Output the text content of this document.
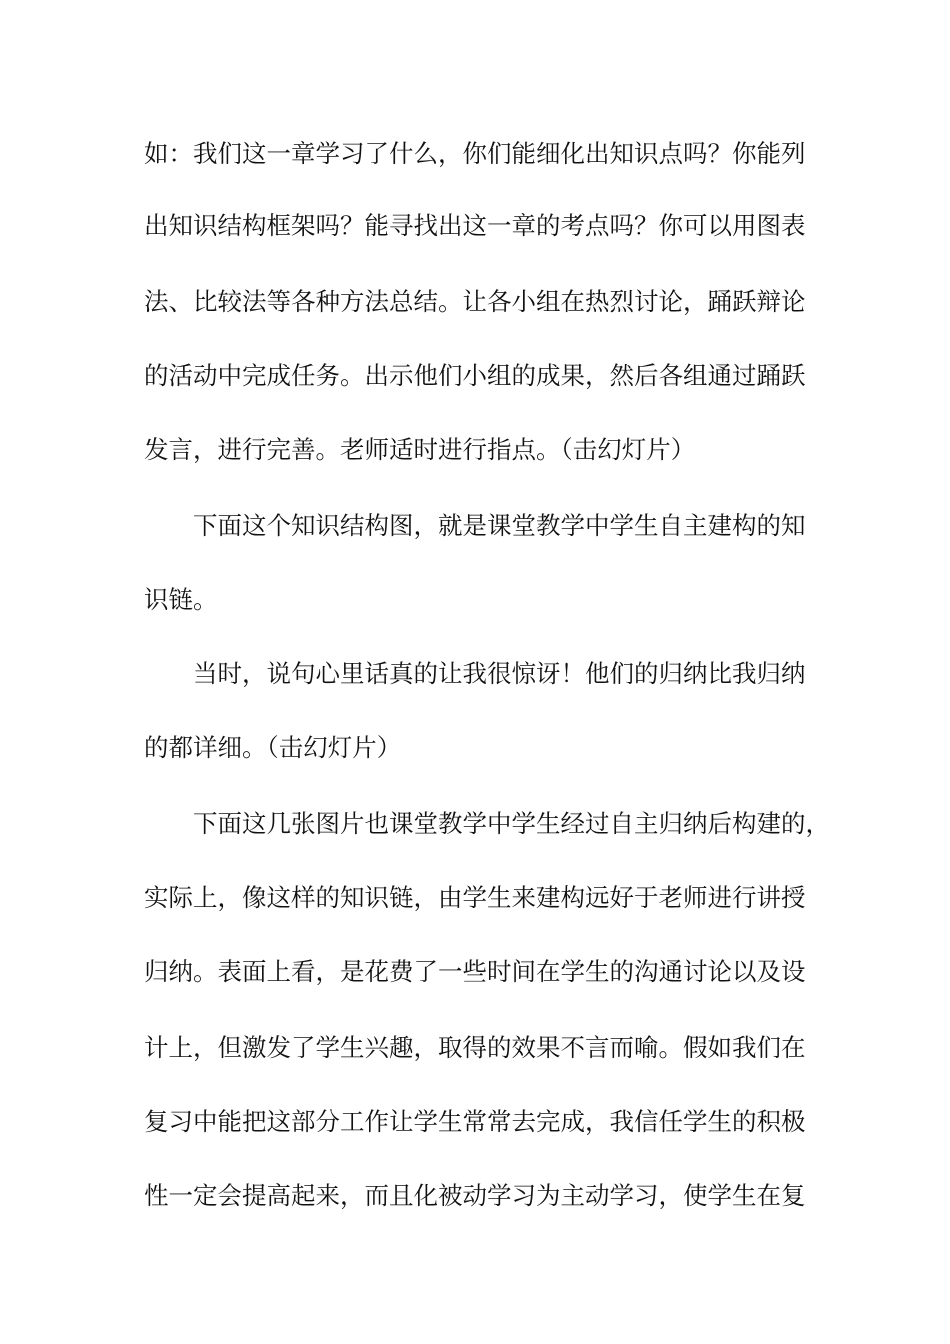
如：我们这一章学习了什么，你们能细化出知识点吗？你能列

出知识结构框架吗？能寻找出这一章的考点吗？你可以用图表

法、比较法等各种方法总结。让各小组在热烈讨论，踊跃辩论

的活动中完成任务。出示他们小组的成果，然后各组通过踊跃

发言，进行完善。老师适时进行指点。（击幻灯片）

下面这个知识结构图，就是课堂教学中学生自主建构的知

识链。

当时，说句心里话真的让我很惊讶！他们的归纳比我归纳

的都详细。（击幻灯片）

下面这几张图片也课堂教学中学生经过自主归纳后构建的，

实际上，像这样的知识链，由学生来建构远好于老师进行讲授

归纳。表面上看，是花费了一些时间在学生的沟通讨论以及设

计上，但激发了学生兴趣，取得的效果不言而喻。假如我们在

复习中能把这部分工作让学生常常去完成，我信任学生的积极

性一定会提高起来，而且化被动学习为主动学习，使学生在复
